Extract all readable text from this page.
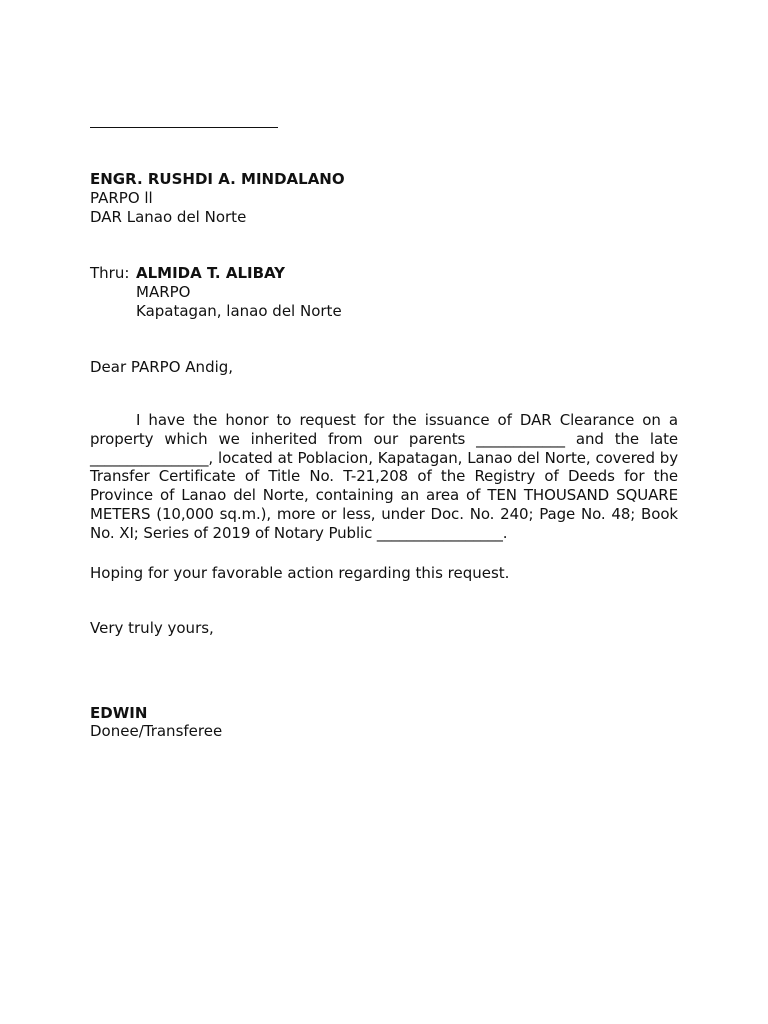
ENGR. RUSHDI A. MINDALANO
PARPO ll
DAR Lanao del Norte
Thru: ALMIDA T. ALIBAY
MARPO
Kapatagan, lanao del Norte
Dear PARPO Andig,
I have the honor to request for the issuance of DAR Clearance on a property which we inherited from our parents ____________ and the late ________________, located at Poblacion, Kapatagan, Lanao del Norte, covered by Transfer Certificate of Title No. T-21,208 of the Registry of Deeds for the Province of Lanao del Norte, containing an area of TEN THOUSAND SQUARE METERS (10,000 sq.m.), more or less, under Doc. No. 240; Page No. 48; Book No. XI; Series of 2019 of Notary Public _________________.
Hoping for your favorable action regarding this request.
Very truly yours,
EDWIN
Donee/Transferee
